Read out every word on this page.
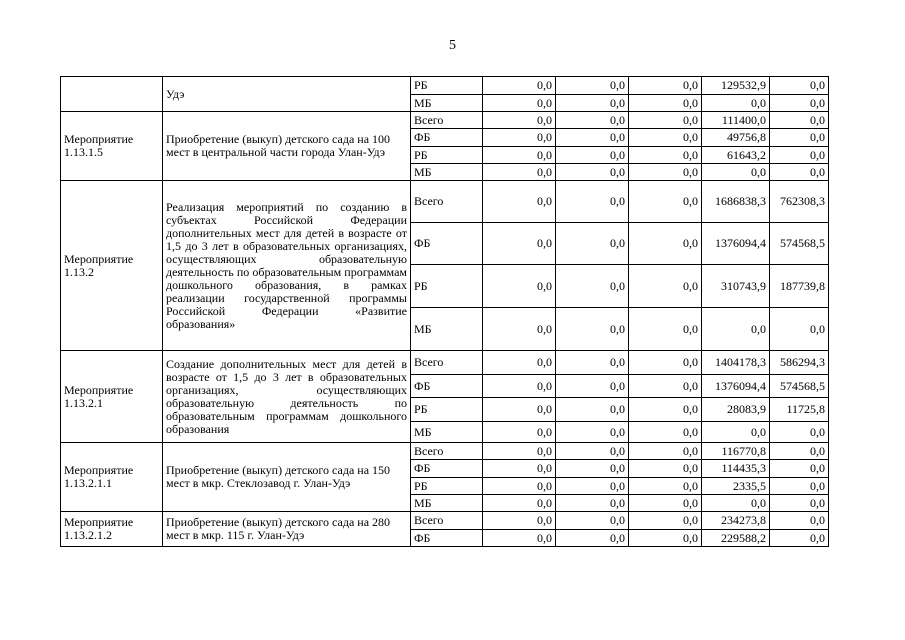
5
	Удэ	РБ	0,0	0,0	0,0	129532,9	0,0
		МБ	0,0	0,0	0,0	0,0	0,0
Мероприятие 1.13.1.5	Приобретение (выкуп) детского сада на 100 мест в центральной части города Улан-Удэ	Всего	0,0	0,0	0,0	111400,0	0,0
		ФБ	0,0	0,0	0,0	49756,8	0,0
		РБ	0,0	0,0	0,0	61643,2	0,0
		МБ	0,0	0,0	0,0	0,0	0,0
Мероприятие 1.13.2	Реализация мероприятий по созданию в субъектах Российской Федерации дополнительных мест для детей в возрасте от 1,5 до 3 лет в образовательных организациях, осуществляющих образовательную деятельность по образовательным программам дошкольного образования, в рамках реализации государственной программы Российской Федерации «Развитие образования»	Всего	0,0	0,0	0,0	1686838,3	762308,3
		ФБ	0,0	0,0	0,0	1376094,4	574568,5
		РБ	0,0	0,0	0,0	310743,9	187739,8
		МБ	0,0	0,0	0,0	0,0	0,0
Мероприятие 1.13.2.1	Создание дополнительных мест для детей в возрасте от 1,5 до 3 лет в образовательных организациях, осуществляющих образовательную деятельность по образовательным программам дошкольного образования	Всего	0,0	0,0	0,0	1404178,3	586294,3
		ФБ	0,0	0,0	0,0	1376094,4	574568,5
		РБ	0,0	0,0	0,0	28083,9	11725,8
		МБ	0,0	0,0	0,0	0,0	0,0
Мероприятие 1.13.2.1.1	Приобретение (выкуп) детского сада на 150 мест в мкр. Стеклозавод г. Улан-Удэ	Всего	0,0	0,0	0,0	116770,8	0,0
		ФБ	0,0	0,0	0,0	114435,3	0,0
		РБ	0,0	0,0	0,0	2335,5	0,0
		МБ	0,0	0,0	0,0	0,0	0,0
Мероприятие 1.13.2.1.2	Приобретение (выкуп) детского сада на 280 мест в мкр. 115 г. Улан-Удэ	Всего	0,0	0,0	0,0	234273,8	0,0
		ФБ	0,0	0,0	0,0	229588,2	0,0
